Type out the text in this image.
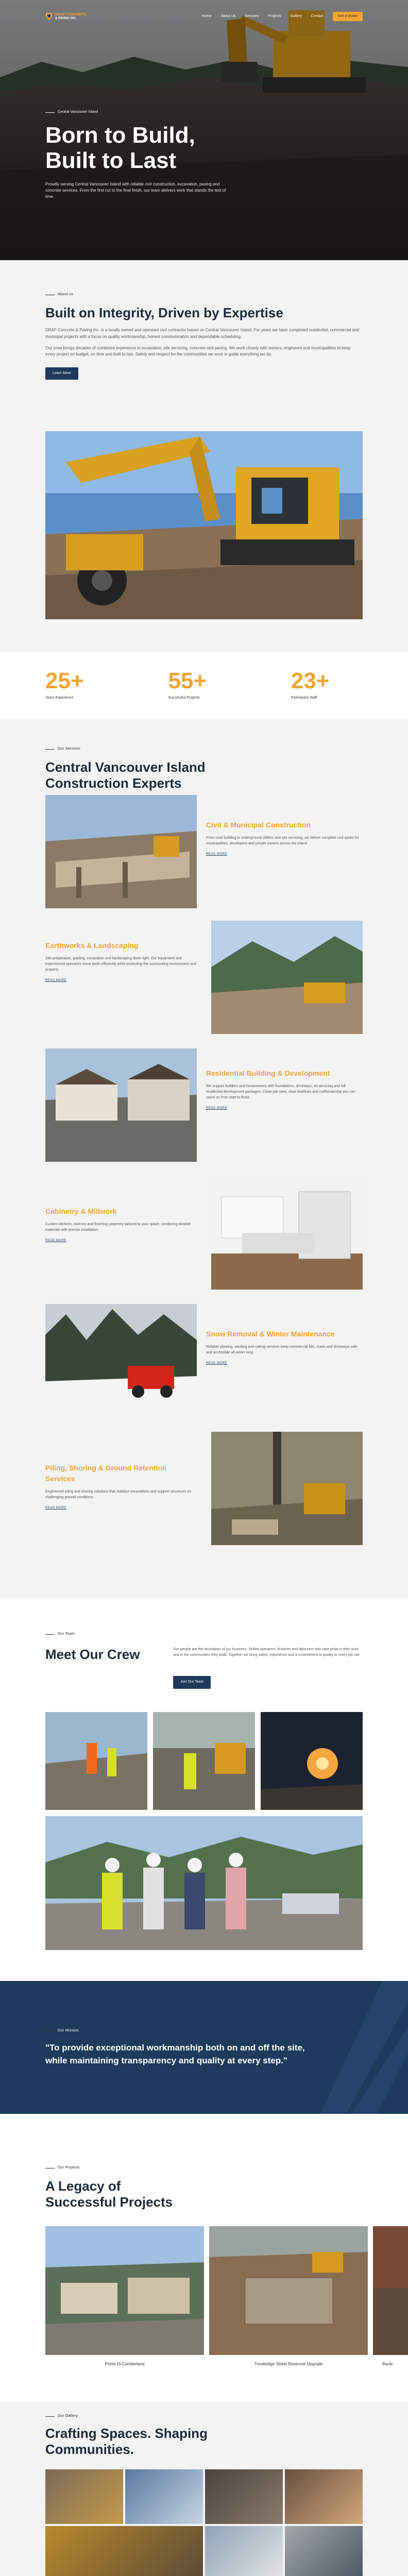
DRAF CONCRETE
& PAVING INC.
Home	About Us	Services	Projects	Gallery	Contact	Get a Quote
Central Vancouver Island
Born to Build,
Built to Last

Proudly serving Central Vancouver Island with reliable civil construction, excavation, paving and concrete services. From the first cut to the final finish, our team delivers work that stands the test of time.

About us
Built on Integrity, Driven by Expertise

DRAF Concrete & Paving Inc. is a locally owned and operated civil contractor based on Central Vancouver Island. For years we have completed residential, commercial and municipal projects with a focus on quality workmanship, honest communication and dependable scheduling.

Our crew brings decades of combined experience in excavation, site servicing, concrete and paving. We work closely with owners, engineers and municipalities to keep every project on budget, on time and built to last. Safety and respect for the communities we work in guide everything we do.

Learn More
25+
Years Experience
55+
Successful Projects
23+
Permanent Staff
Our Services
Central Vancouver Island
Construction Experts
Civil & Municipal Construction

From road building to underground utilities and site servicing, we deliver complete civil works for municipalities, developers and private owners across the island.

READ MORE
Earthworks & Landscaping

Site preparation, grading, excavation and hardscaping done right. Our equipment and experienced operators move earth efficiently while protecting the surrounding environment and property.

READ MORE
Residential Building & Development

We support builders and homeowners with foundations, driveways, lot servicing and full residential development packages. Clean job sites, clear timelines and craftsmanship you can count on from start to finish.

READ MORE
Cabinetry & Millwork

Custom kitchens, built-ins and finishing carpentry tailored to your space, combining durable materials with precise installation.

READ MORE
Snow Removal & Winter Maintenance

Reliable plowing, sanding and salting services keep commercial lots, roads and driveways safe and accessible all winter long.

READ MORE
Piling, Shoring & Ground Retention Services

Engineered piling and shoring solutions that stabilize excavations and support structures on challenging ground conditions.

READ MORE
Our Team
Meet Our Crew	Our people are the foundation of our business. Skilled operators, finishers and labourers who take pride in their work and in the communities they build. Together we bring safety, experience and a commitment to quality to every job site.

Join Our Team
Our Mission

"To provide exceptional workmanship both on and off the site,
while maintaining transparency and quality at every step."

Our Projects
A Legacy of
Successful Projects
Ponte Di Cumberland	Trowbridge Street Reservoir Upgrade	Baule
Our Gallery
Crafting Spaces. Shaping
Communities.
